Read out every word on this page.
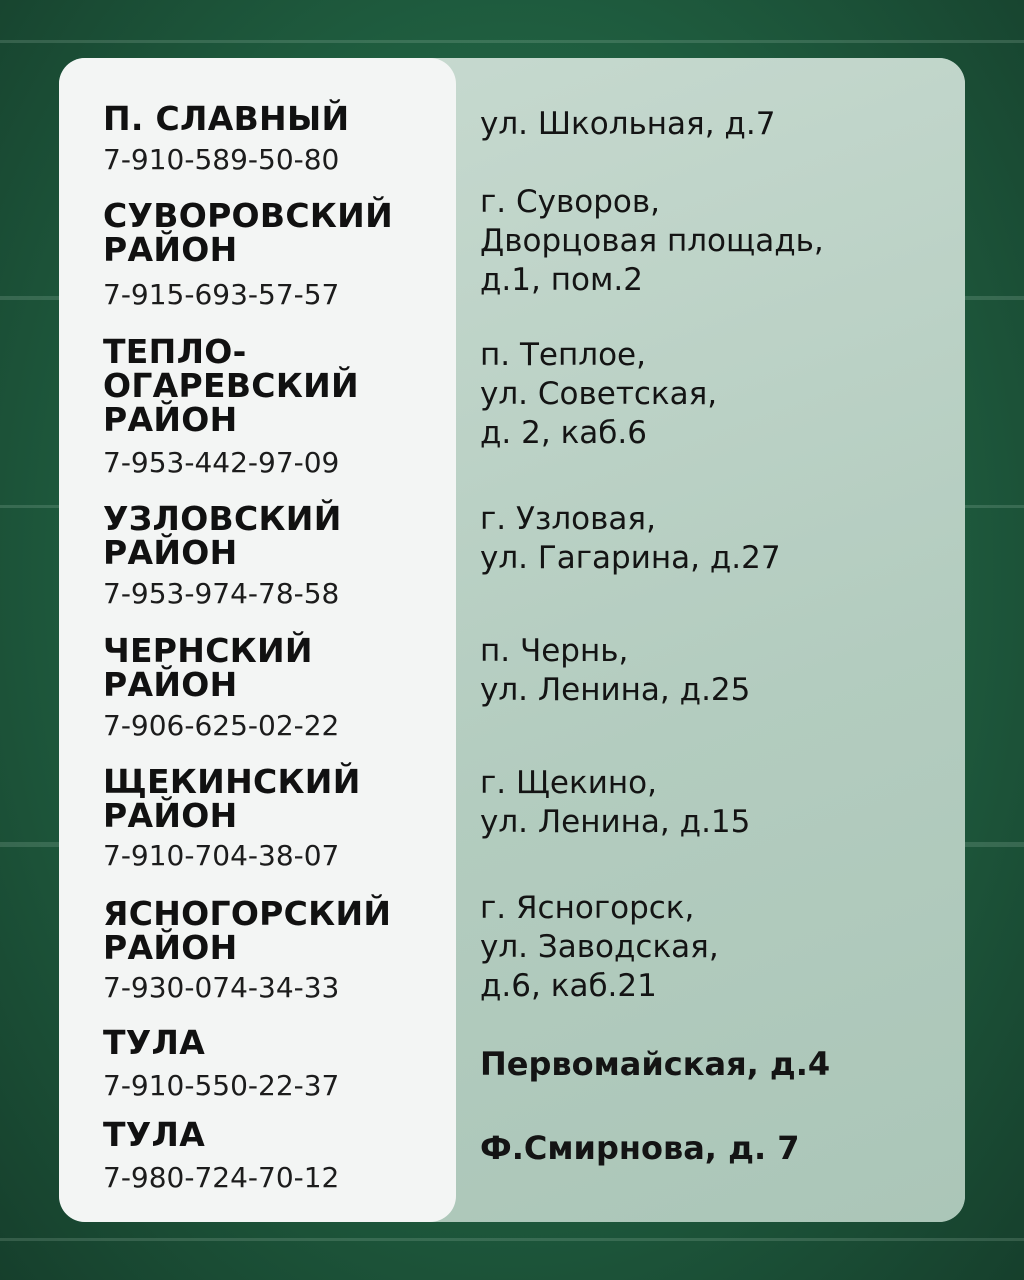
П. СЛАВНЫЙ
7-910-589-50-80
ул. Школьная, д.7
СУВОРОВСКИЙ
РАЙОН
7-915-693-57-57
г. Суворов,
Дворцовая площадь,
д.1, пом.2
ТЕПЛО-
ОГАРЕВСКИЙ
РАЙОН
7-953-442-97-09
п. Теплое,
ул. Советская,
д. 2, каб.6
УЗЛОВСКИЙ
РАЙОН
7-953-974-78-58
г. Узловая,
ул. Гагарина, д.27
ЧЕРНСКИЙ
РАЙОН
7-906-625-02-22
п. Чернь,
ул. Ленина, д.25
ЩЕКИНСКИЙ
РАЙОН
7-910-704-38-07
г. Щекино,
ул. Ленина, д.15
ЯСНОГОРСКИЙ
РАЙОН
7-930-074-34-33
г. Ясногорск,
ул. Заводская,
д.6, каб.21
ТУЛА
7-910-550-22-37
Первомайская, д.4
ТУЛА
7-980-724-70-12
Ф.Смирнова, д. 7
